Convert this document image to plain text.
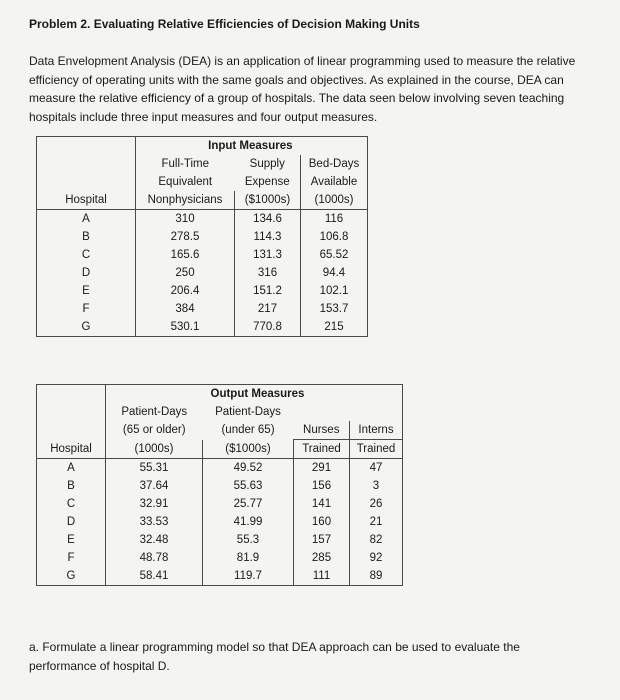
Problem 2. Evaluating Relative Efficiencies of Decision Making Units
Data Envelopment Analysis (DEA) is an application of linear programming used to measure the relative efficiency of operating units with the same goals and objectives. As explained in the course, DEA can measure the relative efficiency of a group of hospitals. The data seen below involving seven teaching hospitals include three input measures and four output measures.
	Input Measures		
	Full-Time	Supply	Bed-Days
	Equivalent	Expense	Available
Hospital	Nonphysicians	($1000s)	(1000s)
A	310	134.6	116
B	278.5	114.3	106.8
C	165.6	131.3	65.52
D	250	316	94.4
E	206.4	151.2	102.1
F	384	217	153.7
G	530.1	770.8	215
		Output Measures		
	Patient-Days	Patient-Days		
	(65 or older)	(under 65)	Nurses	Interns
Hospital	(1000s)	($1000s)	Trained	Trained
A	55.31	49.52	291	47
B	37.64	55.63	156	3
C	32.91	25.77	141	26
D	33.53	41.99	160	21
E	32.48	55.3	157	82
F	48.78	81.9	285	92
G	58.41	119.7	111	89
a. Formulate a linear programming model so that DEA approach can be used to evaluate the performance of hospital D.
